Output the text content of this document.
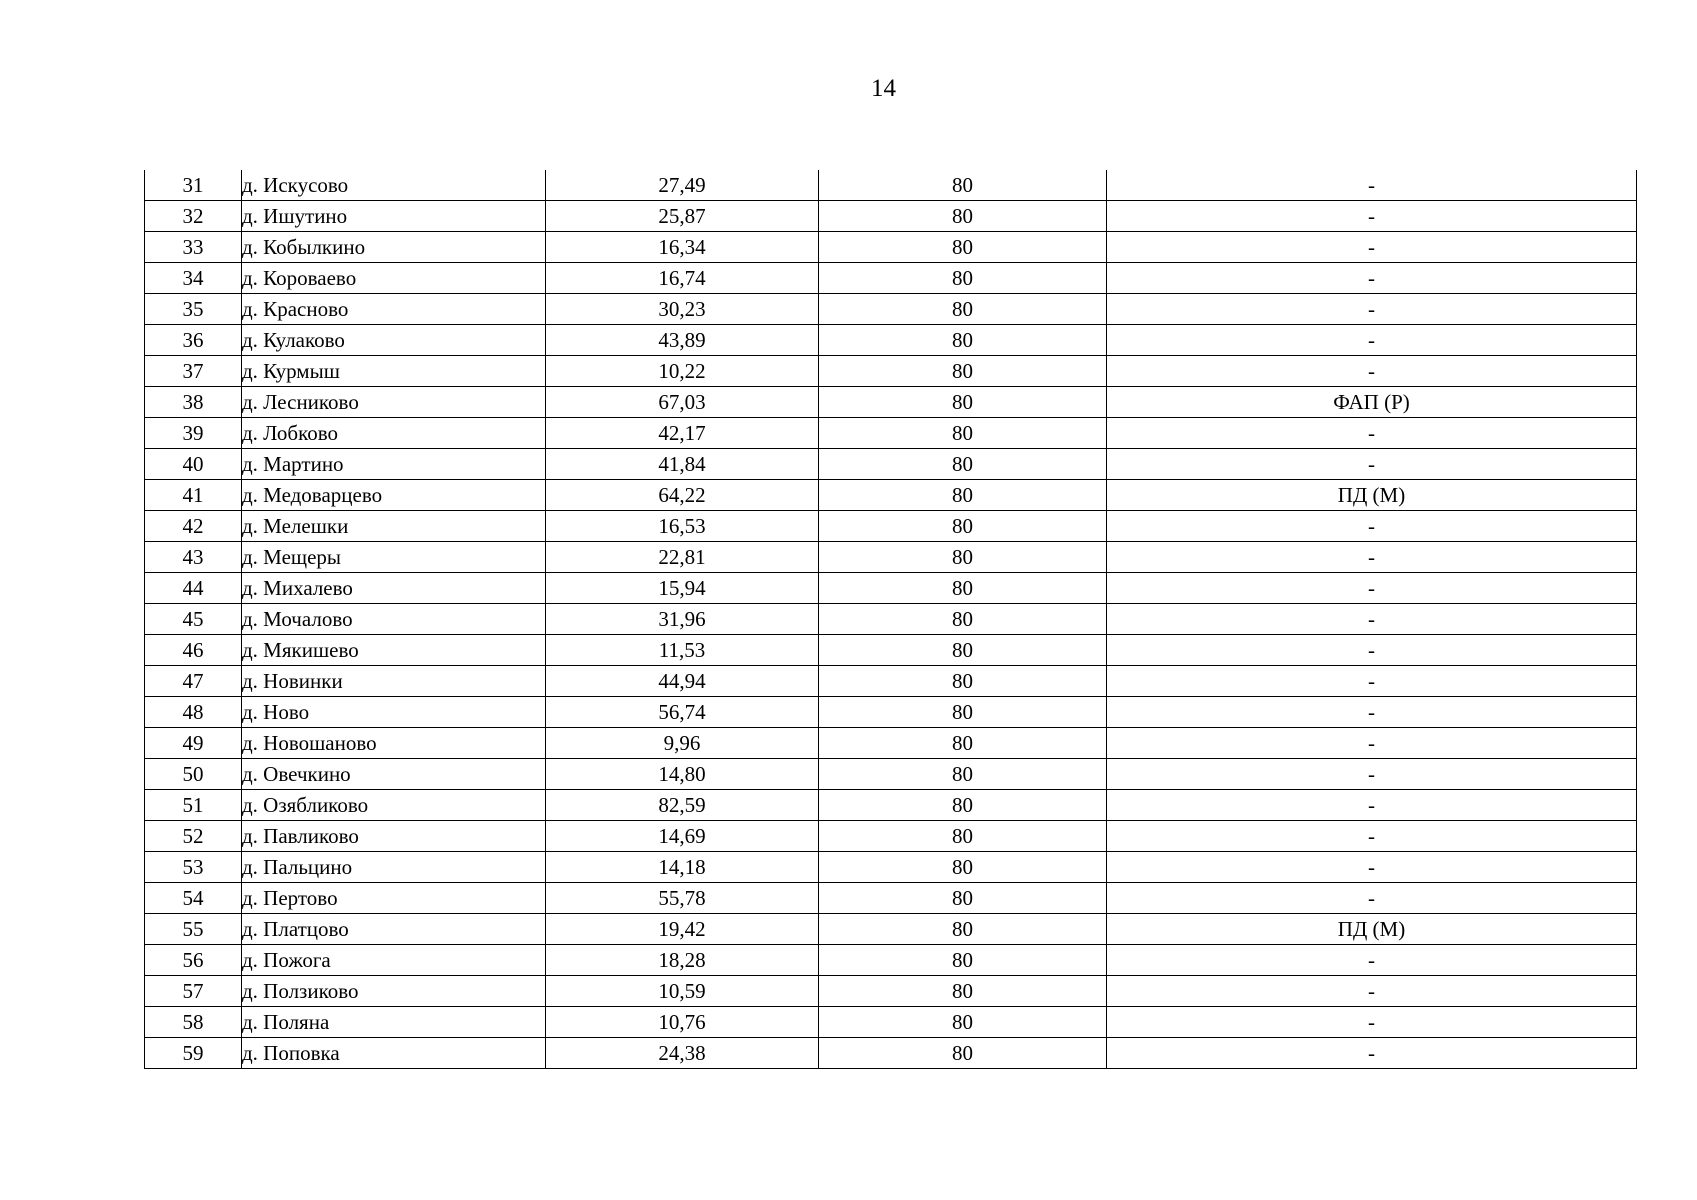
14
31	д. Искусово	27,49	80	-
32	д. Ишутино	25,87	80	-
33	д. Кобылкино	16,34	80	-
34	д. Короваево	16,74	80	-
35	д. Красново	30,23	80	-
36	д. Кулаково	43,89	80	-
37	д. Курмыш	10,22	80	-
38	д. Лесниково	67,03	80	ФАП (Р)
39	д. Лобково	42,17	80	-
40	д. Мартино	41,84	80	-
41	д. Медоварцево	64,22	80	ПД (М)
42	д. Мелешки	16,53	80	-
43	д. Мещеры	22,81	80	-
44	д. Михалево	15,94	80	-
45	д. Мочалово	31,96	80	-
46	д. Мякишево	11,53	80	-
47	д. Новинки	44,94	80	-
48	д. Ново	56,74	80	-
49	д. Новошаново	9,96	80	-
50	д. Овечкино	14,80	80	-
51	д. Озябликово	82,59	80	-
52	д. Павликово	14,69	80	-
53	д. Пальцино	14,18	80	-
54	д. Пертово	55,78	80	-
55	д. Платцово	19,42	80	ПД (М)
56	д. Пожога	18,28	80	-
57	д. Ползиково	10,59	80	-
58	д. Поляна	10,76	80	-
59	д. Поповка	24,38	80	-
